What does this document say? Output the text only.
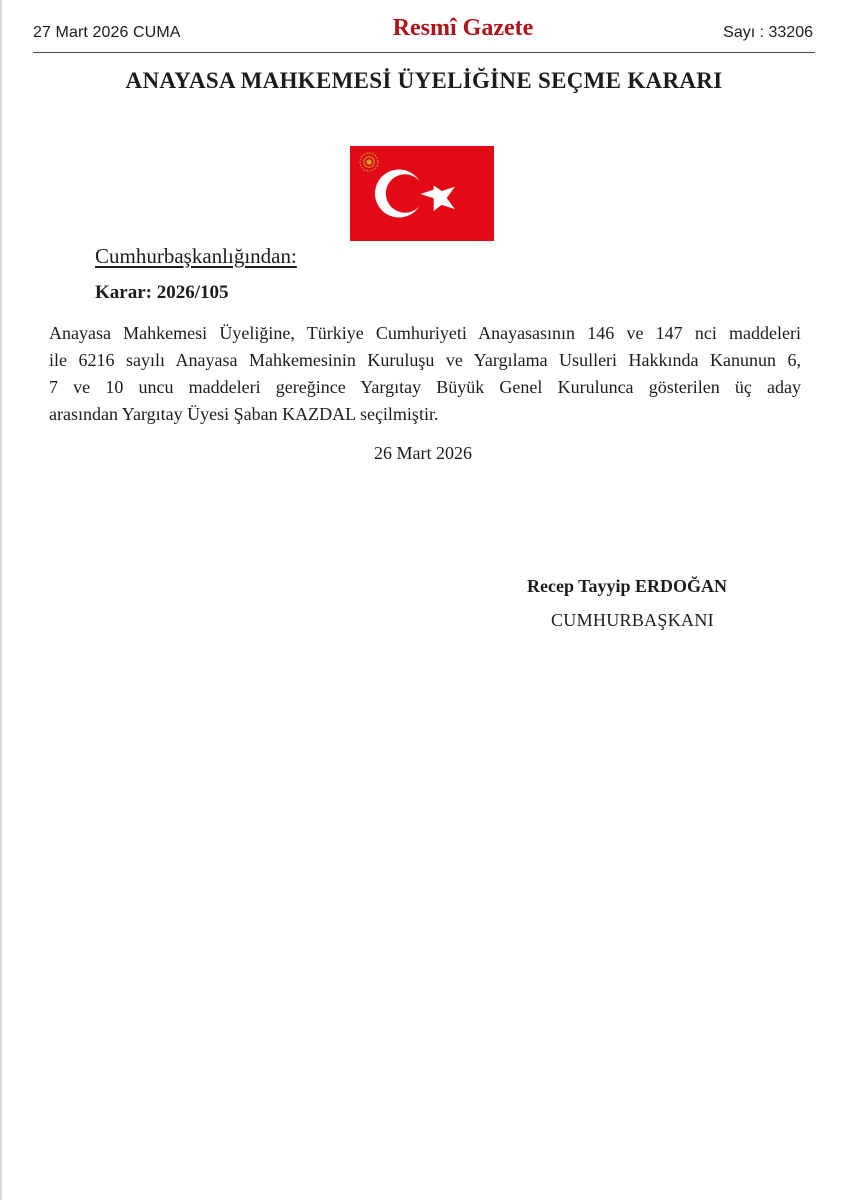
27 Mart 2026 CUMA	Resmî Gazete	Sayı : 33206
ANAYASA MAHKEMESİ ÜYELİĞİNE SEÇME KARARI
Cumhurbaşkanlığından:
Karar: 2026/105
Anayasa Mahkemesi Üyeliğine, Türkiye Cumhuriyeti Anayasasının 146 ve 147 nci maddeleri
ile 6216 sayılı Anayasa Mahkemesinin Kuruluşu ve Yargılama Usulleri Hakkında Kanunun 6,
7 ve 10 uncu maddeleri gereğince Yargıtay Büyük Genel Kurulunca gösterilen üç aday
arasından Yargıtay Üyesi Şaban KAZDAL seçilmiştir.
26 Mart 2026
Recep Tayyip ERDOĞAN
CUMHURBAŞKANI
